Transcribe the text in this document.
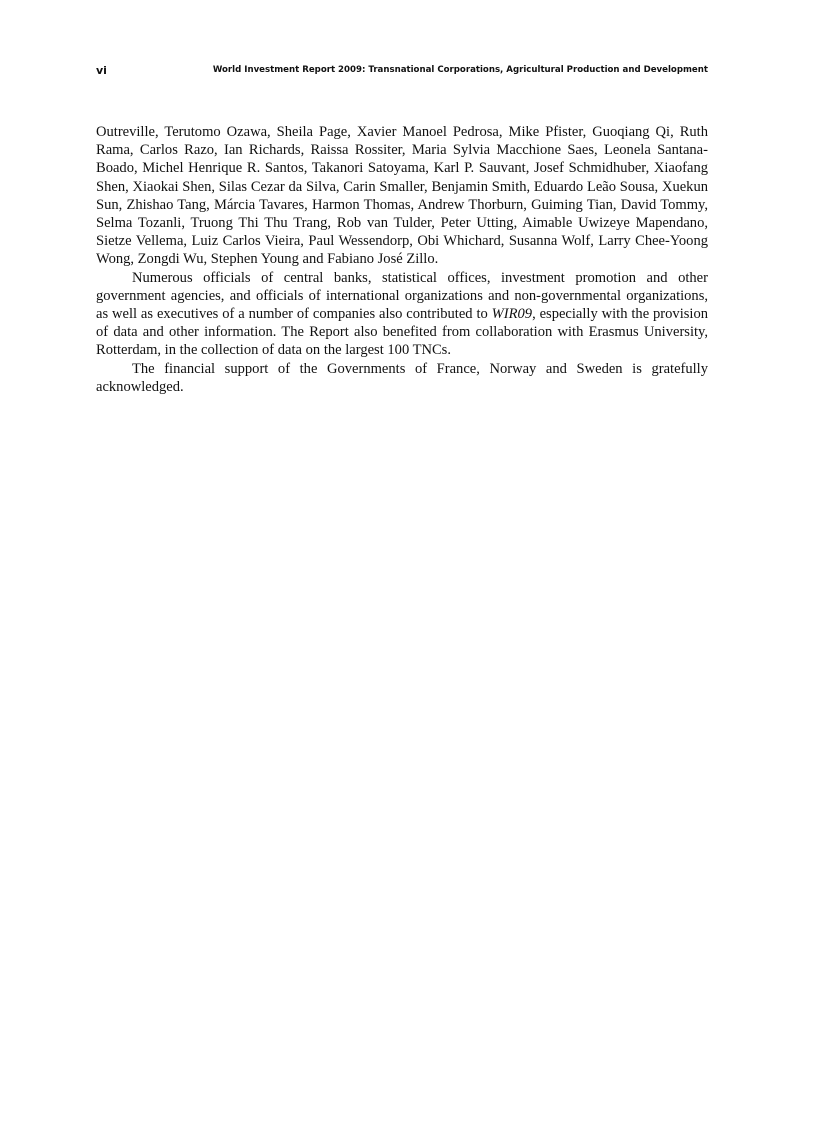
vi	World Investment Report 2009: Transnational Corporations, Agricultural Production and Development

Outreville, Terutomo Ozawa, Sheila Page, Xavier Manoel Pedrosa, Mike Pfister, Guoqiang Qi, Ruth Rama, Carlos Razo, Ian Richards, Raissa Rossiter, Maria Sylvia Macchione Saes, Leonela Santana-Boado, Michel Henrique R. Santos, Takanori Satoyama, Karl P. Sauvant, Josef Schmidhuber, Xiaofang Shen, Xiaokai Shen, Silas Cezar da Silva, Carin Smaller, Benjamin Smith, Eduardo Leão Sousa, Xuekun Sun, Zhishao Tang, Márcia Tavares, Harmon Thomas, Andrew Thorburn, Guiming Tian, David Tommy, Selma Tozanli, Truong Thi Thu Trang, Rob van Tulder, Peter Utting, Aimable Uwizeye Mapendano, Sietze Vellema, Luiz Carlos Vieira, Paul Wessendorp, Obi Whichard, Susanna Wolf, Larry Chee-Yoong Wong, Zongdi Wu, Stephen Young and Fabiano José Zillo.

Numerous officials of central banks, statistical offices, investment promotion and other government agencies, and officials of international organizations and non-governmental organizations, as well as executives of a number of companies also contributed to WIR09, especially with the provision of data and other information. The Report also benefited from collaboration with Erasmus University, Rotterdam, in the collection of data on the largest 100 TNCs.

The financial support of the Governments of France, Norway and Sweden is gratefully acknowledged.
